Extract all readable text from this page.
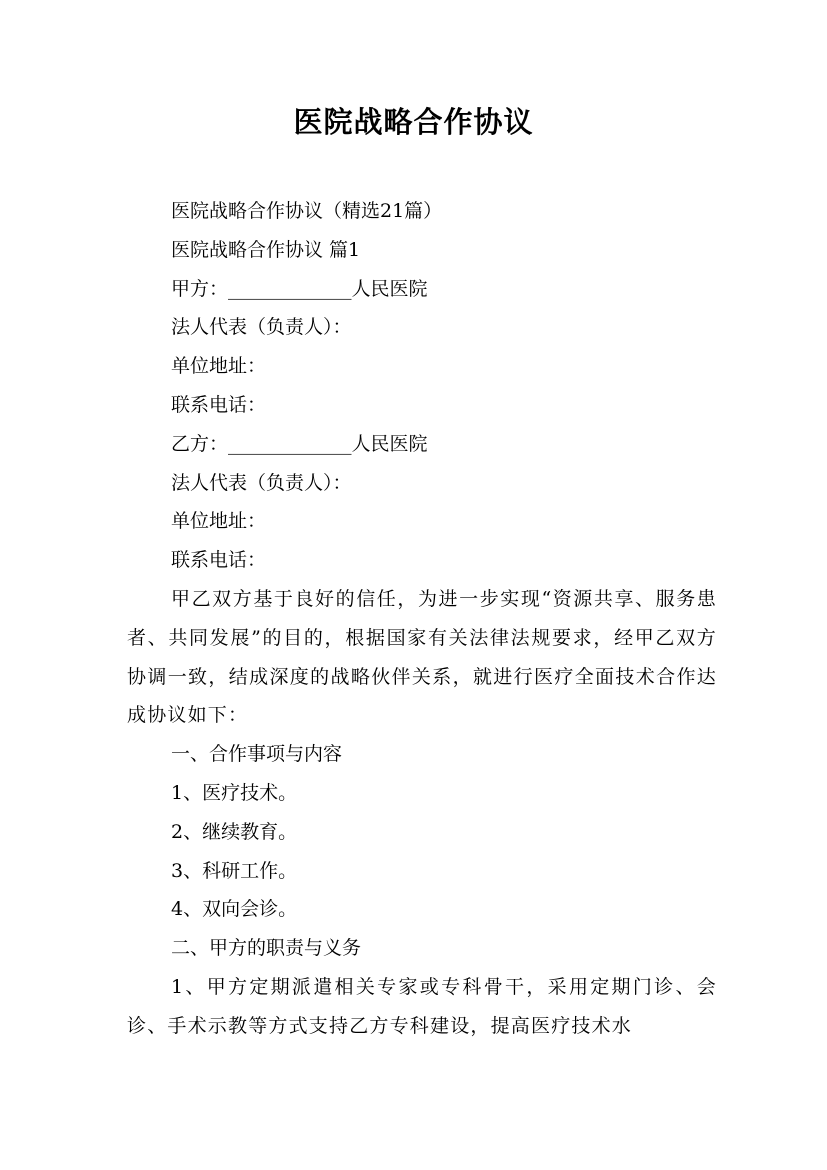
医院战略合作协议
医院战略合作协议（精选21篇）
医院战略合作协议 篇1
甲方：_____________人民医院
法人代表（负责人）：
单位地址：
联系电话：
乙方：_____________人民医院
法人代表（负责人）：
单位地址：
联系电话：
甲乙双方基于良好的信任，为进一步实现“资源共享、服务患者、共同发展”的目的，根据国家有关法律法规要求，经甲乙双方协调一致，结成深度的战略伙伴关系，就进行医疗全面技术合作达成协议如下：
一、合作事项与内容
1、医疗技术。
2、继续教育。
3、科研工作。
4、双向会诊。
二、甲方的职责与义务
1、甲方定期派遣相关专家或专科骨干，采用定期门诊、会诊、手术示教等方式支持乙方专科建设，提高医疗技术水
